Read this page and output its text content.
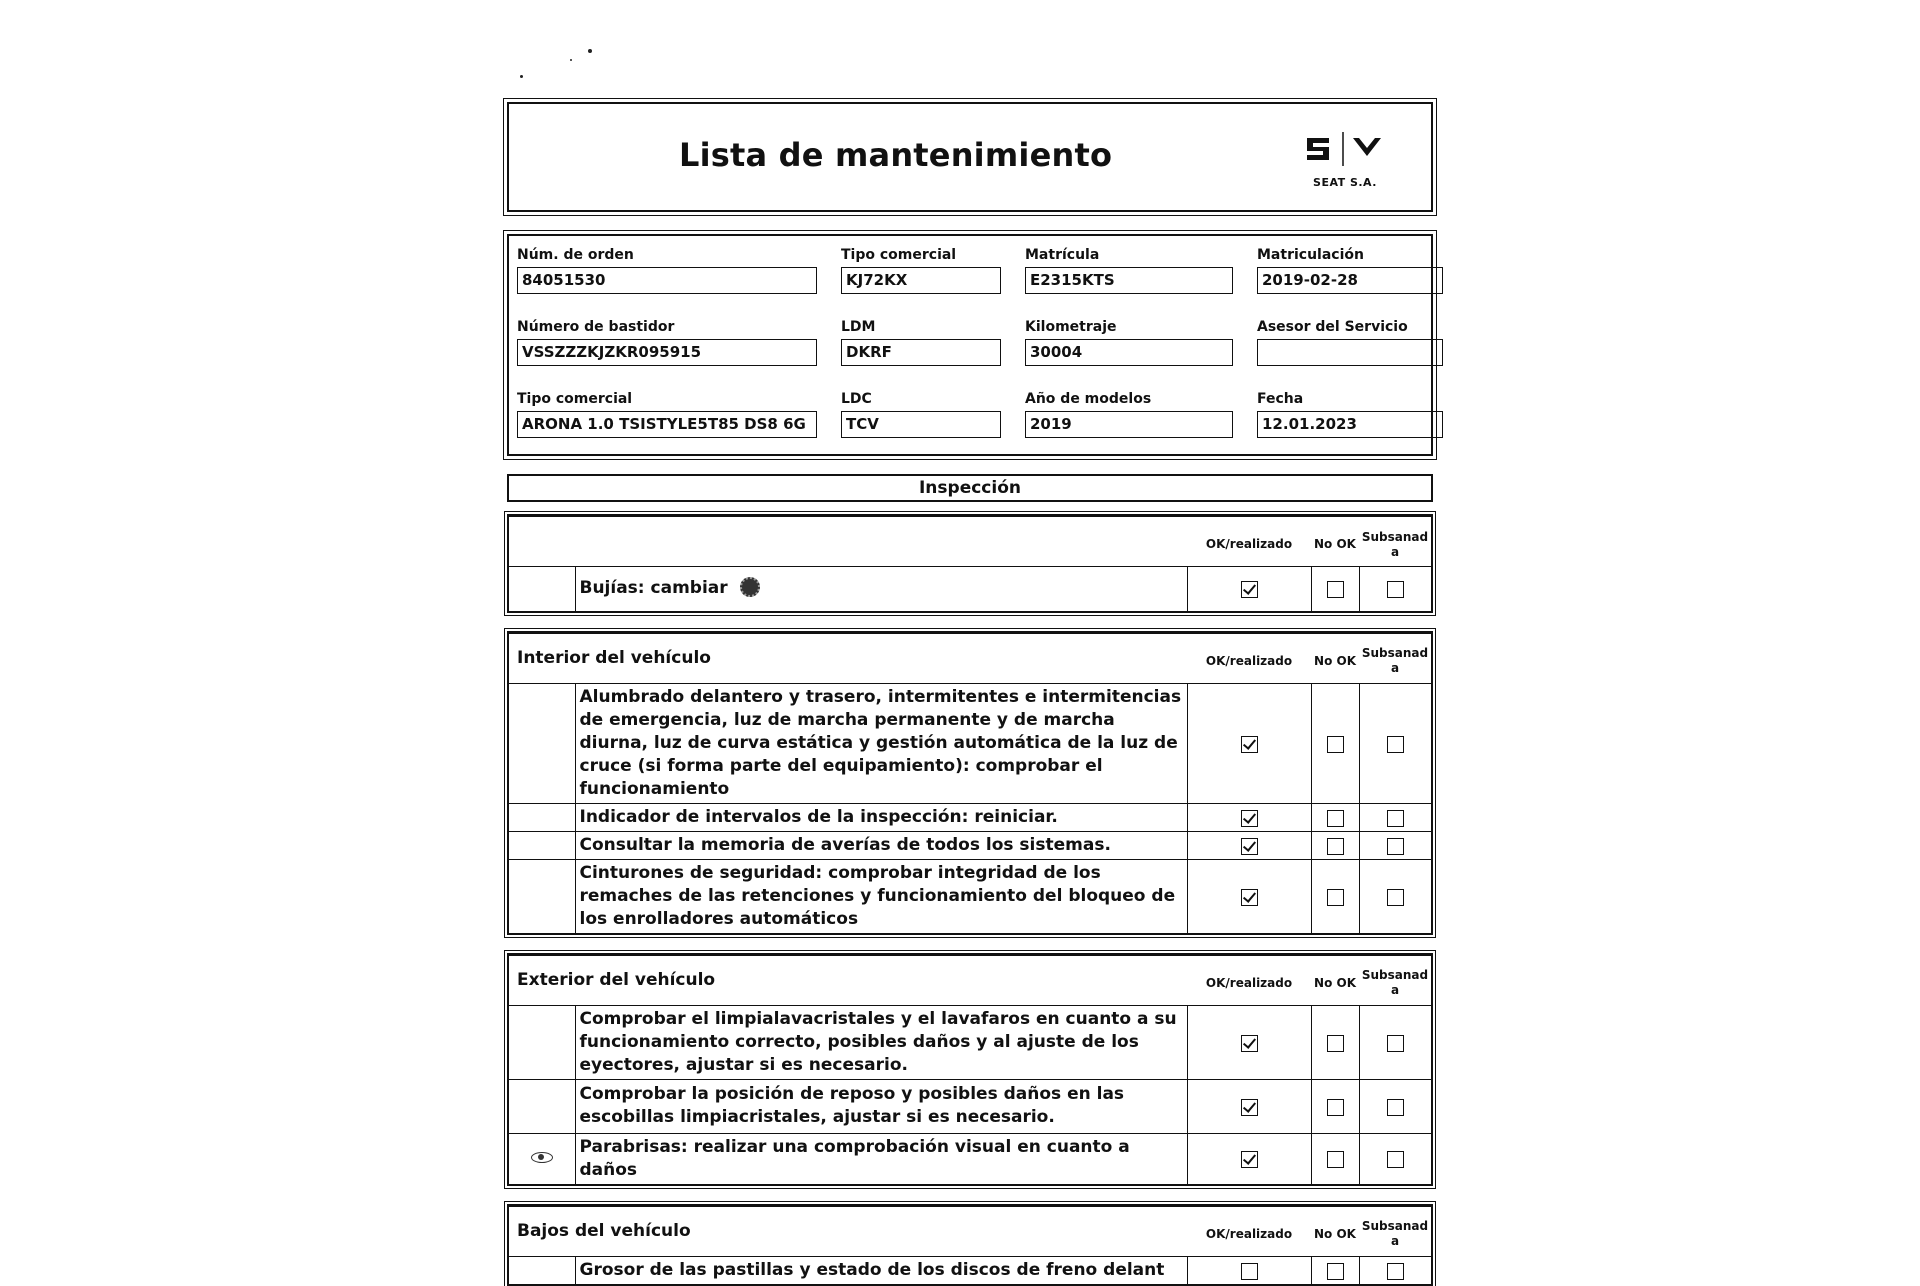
Lista de mantenimiento
SEAT S.A.
Núm. de orden
84051530
Tipo comercial
KJ72KX
Matrícula
E2315KTS
Matriculación
2019-02-28
Número de bastidor
VSSZZZKJZKR095915
LDM
DKRF
Kilometraje
30004
Asesor del Servicio
Tipo comercial
ARONA 1.0 TSISTYLE5T85 DS8 6G
LDC
TCV
Año de modelos
2019
Fecha
12.01.2023
Inspección
		OK/realizado	No OK	Subsanad a
	Bujías: cambiar			
Interior del vehículo		OK/realizado	No OK	Subsanad a
	Alumbrado delantero y trasero, intermitentes e intermitencias de emergencia, luz de marcha permanente y de marcha diurna, luz de curva estática y gestión automática de la luz de cruce (si forma parte del equipamiento): comprobar el funcionamiento			
	Indicador de intervalos de la inspección: reiniciar.			
	Consultar la memoria de averías de todos los sistemas.			
	Cinturones de seguridad: comprobar integridad de los remaches de las retenciones y funcionamiento del bloqueo de los enrolladores automáticos			
Exterior del vehículo		OK/realizado	No OK	Subsanad a
	Comprobar el limpialavacristales y el lavafaros en cuanto a su funcionamiento correcto, posibles daños y al ajuste de los eyectores, ajustar si es necesario.			
	Comprobar la posición de reposo y posibles daños en las escobillas limpiacristales, ajustar si es necesario.			
	Parabrisas: realizar una comprobación visual en cuanto a daños			
Bajos del vehículo		OK/realizado	No OK	Subsanad a
	Grosor de las pastillas y estado de los discos de freno delant			
